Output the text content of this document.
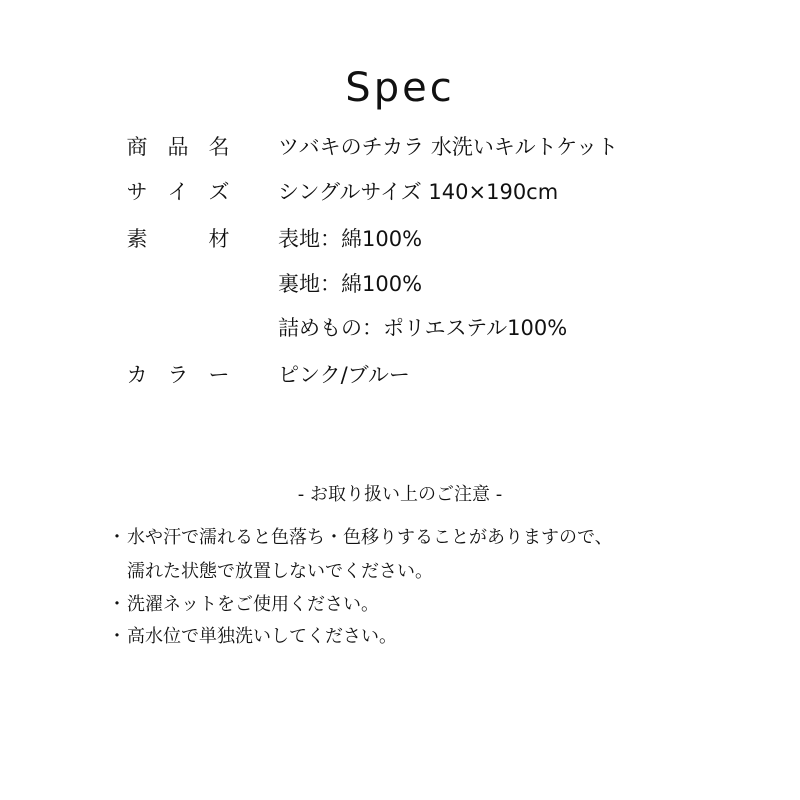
Spec
商 品 名 ツバキのチカラ 水洗いキルトケット
サ イ ズ シングルサイズ 140×190cm
素	材 表地：綿100%
裏地：綿100%
詰めもの：ポリエステル100%
カ ラ ー ピンク/ブルー
- お取り扱い上のご注意 -
・水や汗で濡れると色落ち・色移りすることがありますので、
濡れた状態で放置しないでください。
・洗濯ネットをご使用ください。
・高水位で単独洗いしてください。
